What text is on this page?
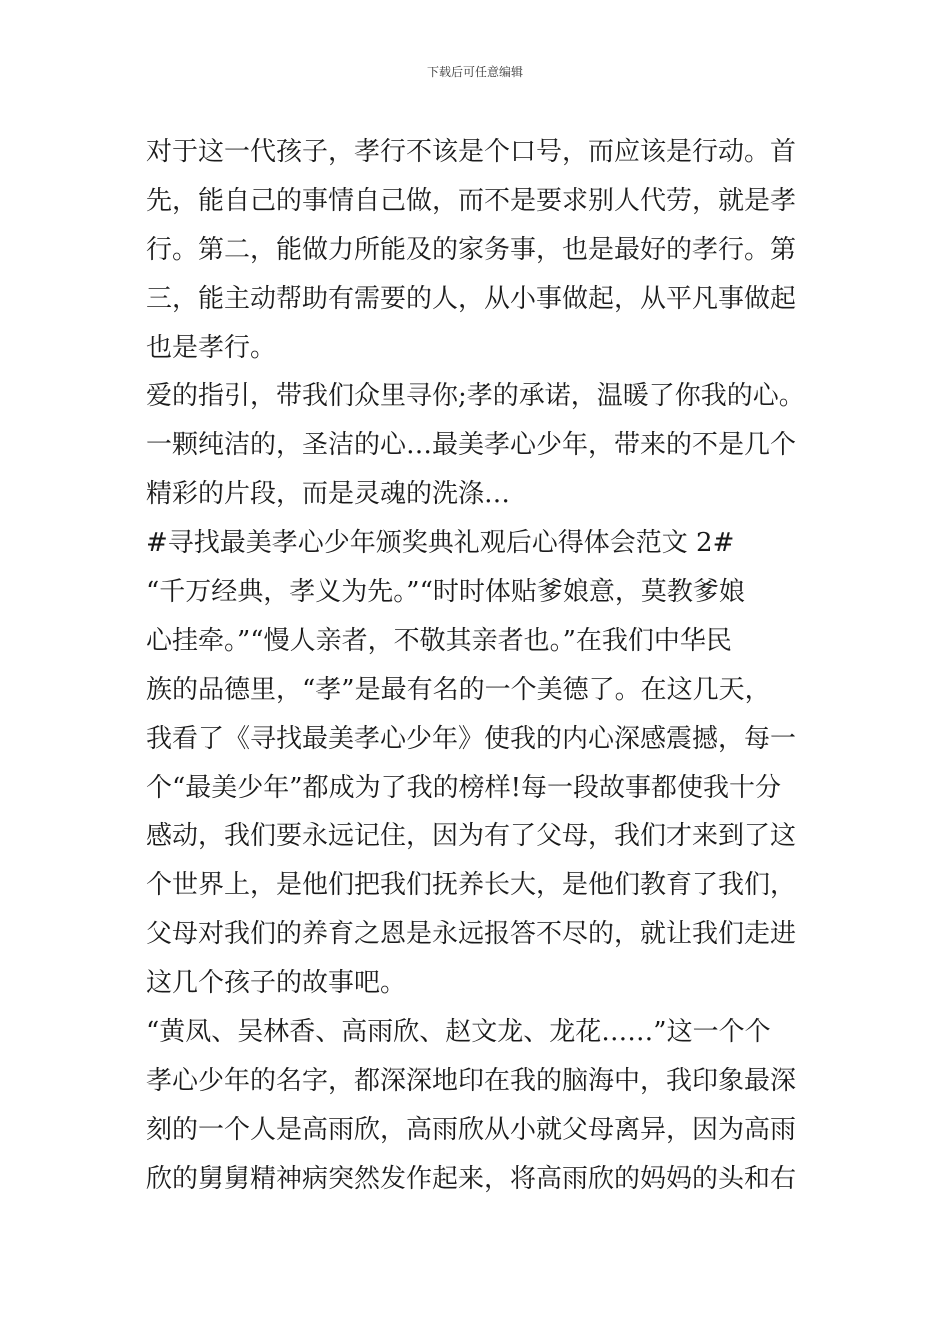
下载后可任意编辑
对于这一代孩子，孝行不该是个口号，而应该是行动。首
先，能自己的事情自己做，而不是要求别人代劳，就是孝
行。第二，能做力所能及的家务事，也是最好的孝行。第
三，能主动帮助有需要的人，从小事做起，从平凡事做起
也是孝行。
爱的指引，带我们众里寻你;孝的承诺，温暖了你我的心。
一颗纯洁的，圣洁的心…最美孝心少年，带来的不是几个
精彩的片段，而是灵魂的洗涤…
#寻找最美孝心少年颁奖典礼观后心得体会范文 2#
“千万经典，孝义为先。”“时时体贴爹娘意，莫教爹娘
心挂牵。”“慢人亲者，不敬其亲者也。”在我们中华民
族的品德里，“孝”是最有名的一个美德了。在这几天，
我看了《寻找最美孝心少年》使我的内心深感震撼，每一
个“最美少年”都成为了我的榜样!每一段故事都使我十分
感动，我们要永远记住，因为有了父母，我们才来到了这
个世界上，是他们把我们抚养长大，是他们教育了我们，
父母对我们的养育之恩是永远报答不尽的，就让我们走进
这几个孩子的故事吧。
“黄凤、吴林香、高雨欣、赵文龙、龙花……”这一个个
孝心少年的名字，都深深地印在我的脑海中，我印象最深
刻的一个人是高雨欣，高雨欣从小就父母离异，因为高雨
欣的舅舅精神病突然发作起来，将高雨欣的妈妈的头和右
